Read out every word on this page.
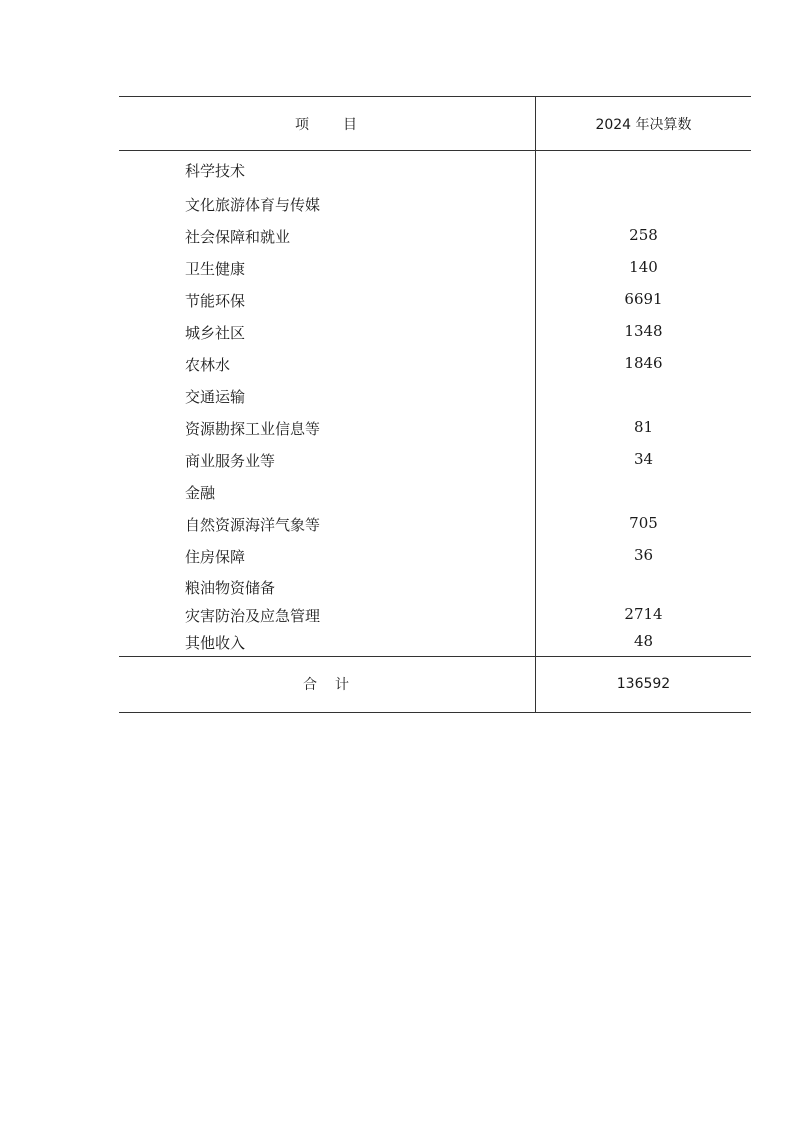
项　　目	2024 年决算数
科学技术
文化旅游体育与传媒
社会保障和就业	258
卫生健康	140
节能环保	6691
城乡社区	1348
农林水	1846
交通运输
资源勘探工业信息等	81
商业服务业等	34
金融
自然资源海洋气象等	705
住房保障	36
粮油物资储备
灾害防治及应急管理	2714
其他收入	48
合　计	136592
